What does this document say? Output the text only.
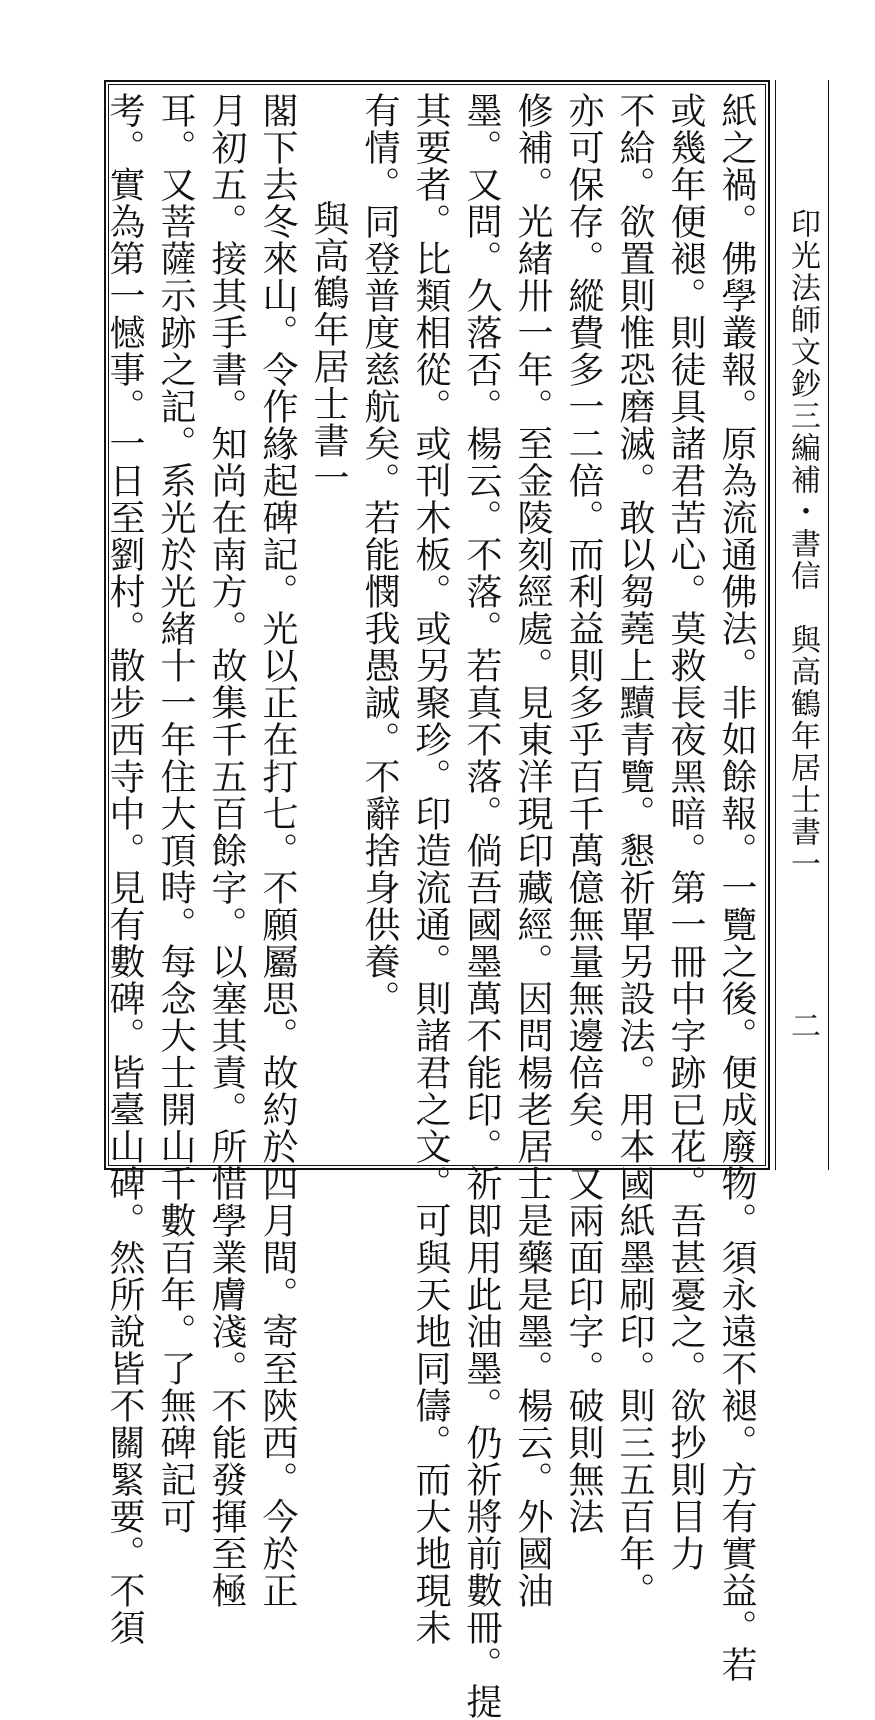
印光法師文鈔三編補・書信　與高鶴年居士書一
二
紙之禍。佛學叢報。原為流通佛法。非如餘報。一覽之後。便成廢物。須永遠不褪。方有實益。若
或幾年便褪。則徒具諸君苦心。莫救長夜黑暗。第一冊中字跡已花。吾甚憂之。欲抄則目力
不給。欲置則惟恐磨滅。敢以芻蕘上黷青覽。懇祈單另設法。用本國紙墨刷印。則三五百年。
亦可保存。縱費多一二倍。而利益則多乎百千萬億無量無邊倍矣。又兩面印字。破則無法
修補。光緒卅一年。至金陵刻經處。見東洋現印藏經。因問楊老居士是藥是墨。楊云。外國油
墨。又問。久落否。楊云。不落。若真不落。倘吾國墨萬不能印。祈即用此油墨。仍祈將前數冊。提
其要者。比類相從。或刊木板。或另聚珍。印造流通。則諸君之文。可與天地同儔。而大地現未
有情。同登普度慈航矣。若能憫我愚誠。不辭捨身供養。
與高鶴年居士書一
閣下去冬來山。令作緣起碑記。光以正在打七。不願屬思。故約於四月間。寄至陝西。今於正
月初五。接其手書。知尚在南方。故集千五百餘字。以塞其責。所惜學業膚淺。不能發揮至極
耳。又菩薩示跡之記。系光於光緒十一年住大頂時。每念大士開山千數百年。了無碑記可
考。實為第一憾事。一日至劉村。散步西寺中。見有數碑。皆臺山碑。然所說皆不關緊要。不須
